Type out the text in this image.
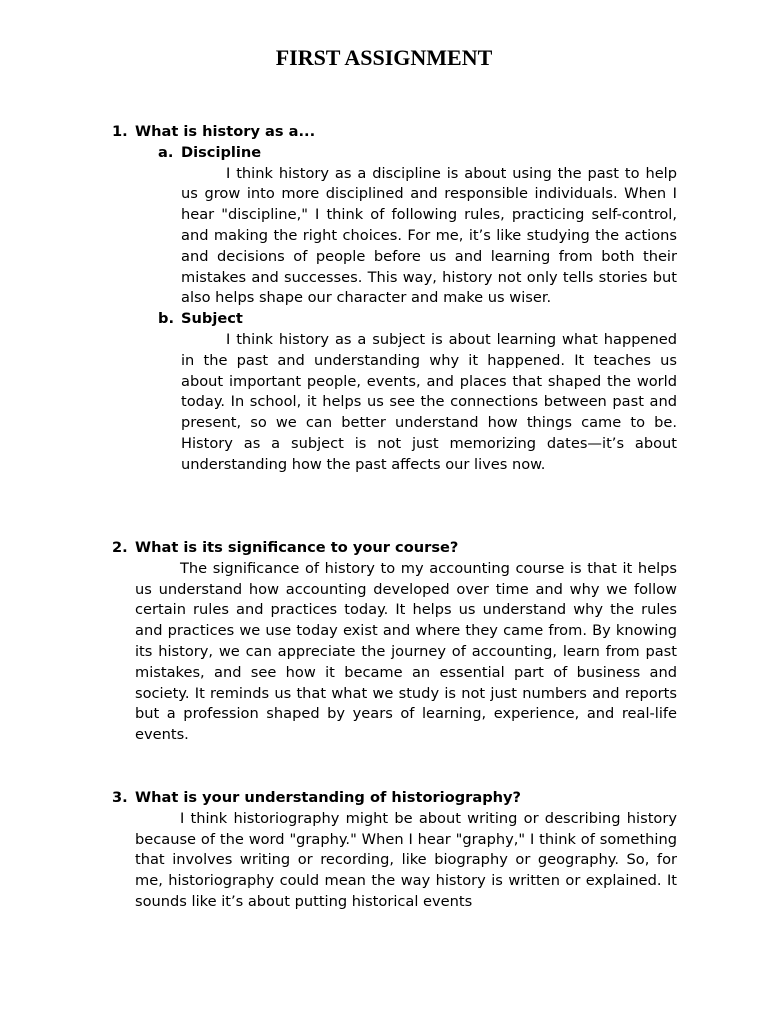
FIRST ASSIGNMENT
1. What is history as a...
a. Discipline

I think history as a discipline is about using the past to help us grow into more disciplined and responsible individuals. When I hear "discipline," I think of following rules, practicing self-control, and making the right choices. For me, it’s like studying the actions and decisions of people before us and learning from both their mistakes and successes. This way, history not only tells stories but also helps shape our character and make us wiser.

b. Subject

I think history as a subject is about learning what happened in the past and understanding why it happened. It teaches us about important people, events, and places that shaped the world today. In school, it helps us see the connections between past and present, so we can better understand how things came to be. History as a subject is not just memorizing dates—it’s about understanding how the past affects our lives now.

2. What is its significance to your course?

The significance of history to my accounting course is that it helps us understand how accounting developed over time and why we follow certain rules and practices today. It helps us understand why the rules and practices we use today exist and where they came from. By knowing its history, we can appreciate the journey of accounting, learn from past mistakes, and see how it became an essential part of business and society. It reminds us that what we study is not just numbers and reports but a profession shaped by years of learning, experience, and real-life events.

3. What is your understanding of historiography?

I think historiography might be about writing or describing history because of the word "graphy." When I hear "graphy," I think of something that involves writing or recording, like biography or geography. So, for me, historiography could mean the way history is written or explained. It sounds like it’s about putting historical events
